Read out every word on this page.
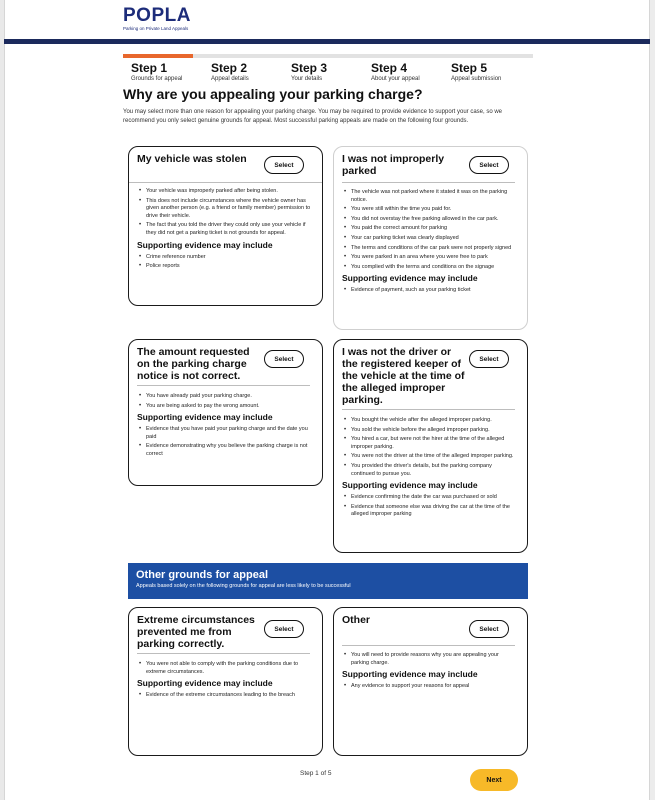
POPLA
Parking on Private Land Appeals
Step 1
Grounds for appeal
Step 2
Appeal details
Step 3
Your details
Step 4
About your appeal
Step 5
Appeal submission
Why are you appealing your parking charge?

You may select more than one reason for appealing your parking charge. You may be required to provide evidence to support your case, so we recommend you only select genuine grounds for appeal. Most successful parking appeals are made on the following four grounds.

My vehicle was stolen	Select
• Your vehicle was improperly parked after being stolen.
• This does not include circumstances where the vehicle owner has given another person (e.g. a friend or family member) permission to drive their vehicle.
• The fact that you told the driver they could only use your vehicle if they did not get a parking ticket is not grounds for appeal.
Supporting evidence may include
• Crime reference number
• Police reports
I was not improperly parked	Select
• The vehicle was not parked where it stated it was on the parking notice.
• You were still within the time you paid for.
• You did not overstay the free parking allowed in the car park.
• You paid the correct amount for parking
• Your car parking ticket was clearly displayed
• The terms and conditions of the car park were not properly signed
• You were parked in an area where you were free to park
• You complied with the terms and conditions on the signage
Supporting evidence may include
• Evidence of payment, such as your parking ticket
The amount requested on the parking charge notice is not correct.
Select
• You have already paid your parking charge.
• You are being asked to pay the wrong amount.
Supporting evidence may include
• Evidence that you have paid your parking charge and the date you paid
• Evidence demonstrating why you believe the parking charge is not correct
I was not the driver or the registered keeper of the vehicle at the time of the alleged improper parking.
Select
• You bought the vehicle after the alleged improper parking.
• You sold the vehicle before the alleged improper parking.
• You hired a car, but were not the hirer at the time of the alleged improper parking.
• You were not the driver at the time of the alleged improper parking.
• You provided the driver's details, but the parking company continued to pursue you.
Supporting evidence may include
• Evidence confirming the date the car was purchased or sold
• Evidence that someone else was driving the car at the time of the alleged improper parking
Other grounds for appeal
Appeals based solely on the following grounds for appeal are less likely to be successful
Extreme circumstances prevented me from parking correctly.
Select
• You were not able to comply with the parking conditions due to extreme circumstances.
Supporting evidence may include
• Evidence of the extreme circumstances leading to the breach
Other
Select
• You will need to provide reasons why you are appealing your parking charge.
Supporting evidence may include
• Any evidence to support your reasons for appeal
Step 1 of 5
Next
